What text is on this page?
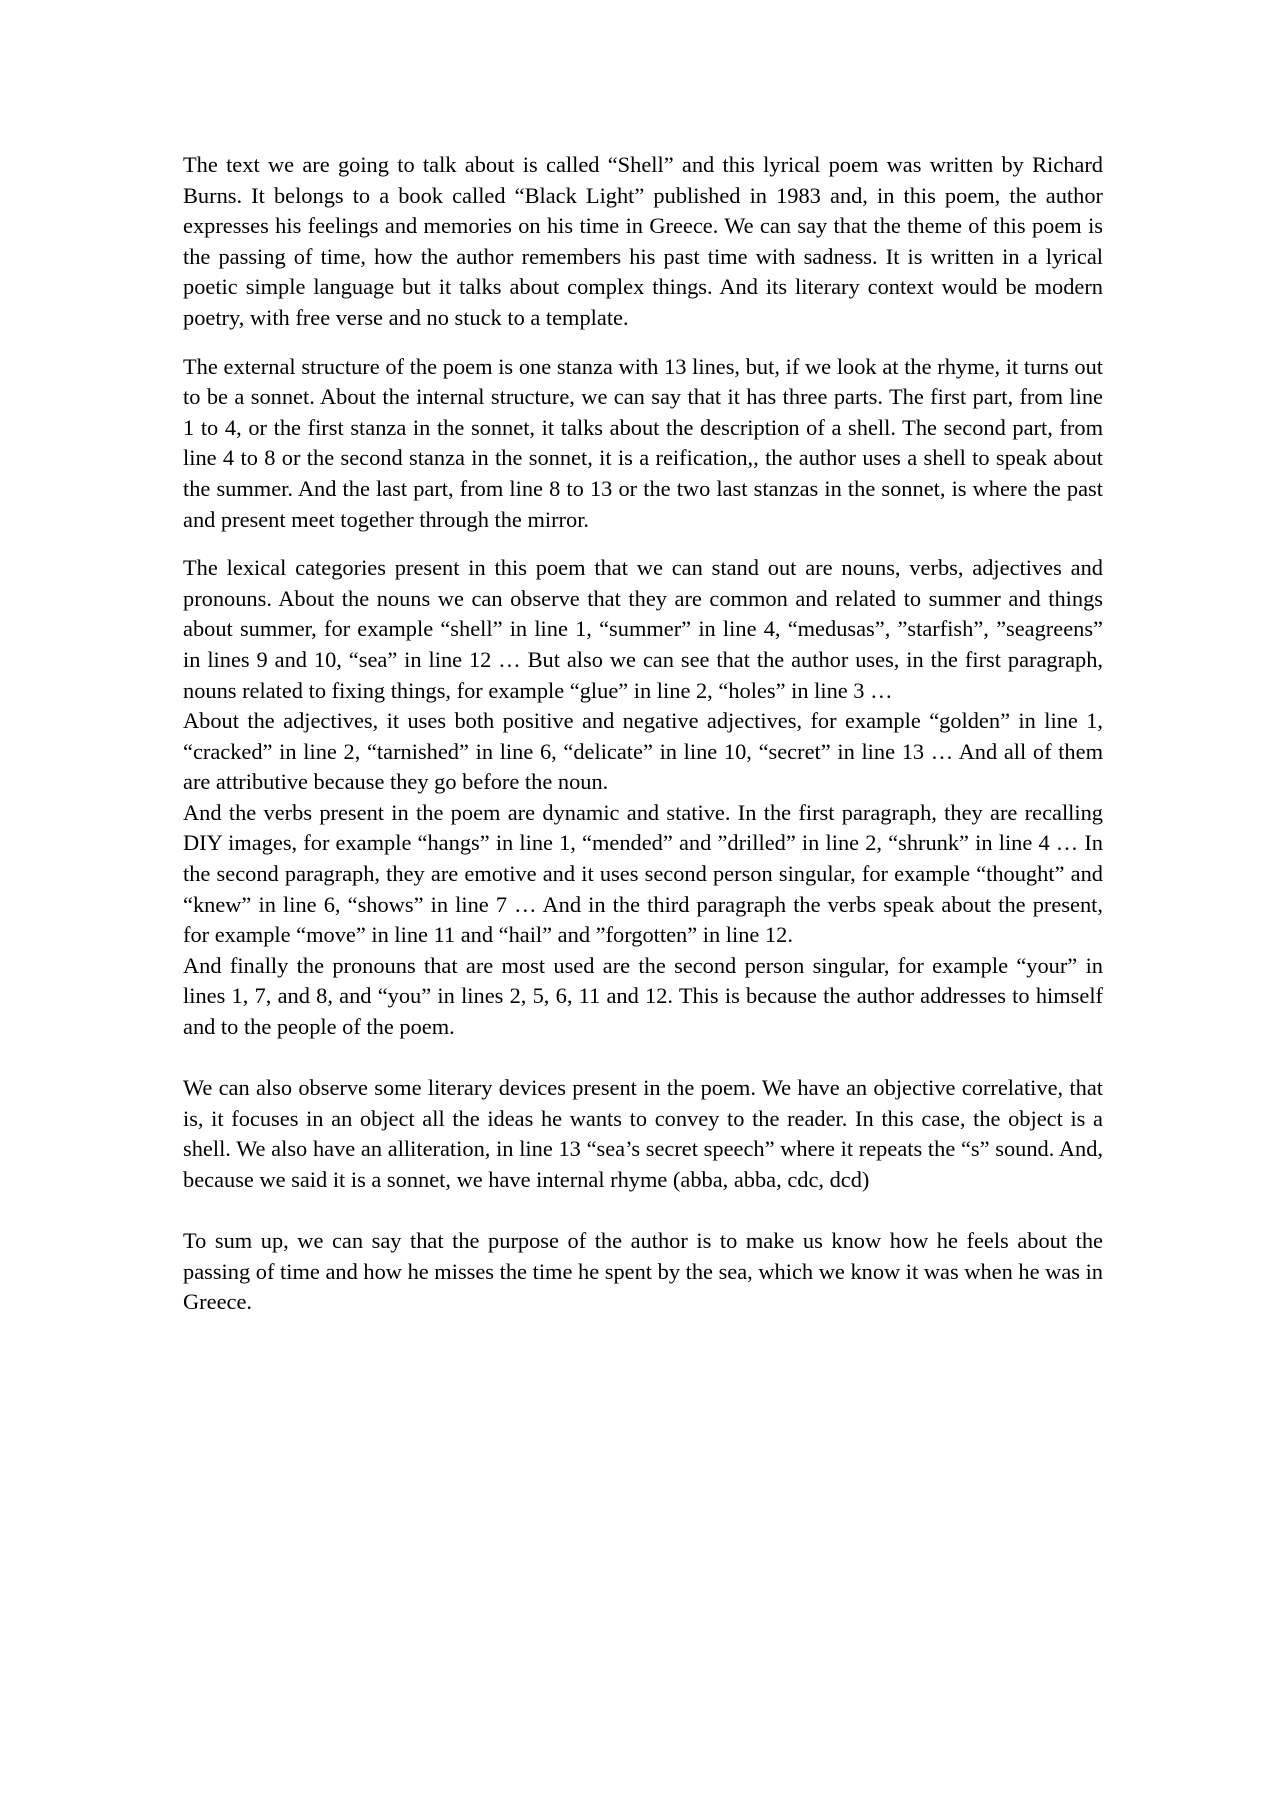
The text we are going to talk about is called “Shell” and this lyrical poem was written by Richard Burns. It belongs to a book called “Black Light” published in 1983 and, in this poem, the author expresses his feelings and memories on his time in Greece. We can say that the theme of this poem is the passing of time, how the author remembers his past time with sadness. It is written in a lyrical poetic simple language but it talks about complex things. And its literary context would be modern poetry, with free verse and no stuck to a template.

The external structure of the poem is one stanza with 13 lines, but, if we look at the rhyme, it turns out to be a sonnet. About the internal structure, we can say that it has three parts. The first part, from line 1 to 4, or the first stanza in the sonnet, it talks about the description of a shell. The second part, from line 4 to 8 or the second stanza in the sonnet, it is a reification,, the author uses a shell to speak about the summer. And the last part, from line 8 to 13 or the two last stanzas in the sonnet, is where the past and present meet together through the mirror.

The lexical categories present in this poem that we can stand out are nouns, verbs, adjectives and pronouns. About the nouns we can observe that they are common and related to summer and things about summer, for example “shell” in line 1, “summer” in line 4, “medusas”, ”starfish”, ”seagreens” in lines 9 and 10, “sea” in line 12 … But also we can see that the author uses, in the first paragraph, nouns related to fixing things, for example “glue” in line 2, “holes” in line 3 …

About the adjectives, it uses both positive and negative adjectives, for example “golden” in line 1, “cracked” in line 2, “tarnished” in line 6, “delicate” in line 10, “secret” in line 13 … And all of them are attributive because they go before the noun.

And the verbs present in the poem are dynamic and stative. In the first paragraph, they are recalling DIY images, for example “hangs” in line 1, “mended” and ”drilled” in line 2, “shrunk” in line 4 … In the second paragraph, they are emotive and it uses second person singular, for example “thought” and “knew” in line 6, “shows” in line 7 … And in the third paragraph the verbs speak about the present, for example “move” in line 11 and “hail” and ”forgotten” in line 12.

And finally the pronouns that are most used are the second person singular, for example “your” in lines 1, 7, and 8, and “you” in lines 2, 5, 6, 11 and 12. This is because the author addresses to himself and to the people of the poem.

We can also observe some literary devices present in the poem. We have an objective correlative, that is, it focuses in an object all the ideas he wants to convey to the reader. In this case, the object is a shell. We also have an alliteration, in line 13 “sea’s secret speech” where it repeats the “s” sound. And, because we said it is a sonnet, we have internal rhyme (abba, abba, cdc, dcd)

To sum up, we can say that the purpose of the author is to make us know how he feels about the passing of time and how he misses the time he spent by the sea, which we know it was when he was in Greece.
